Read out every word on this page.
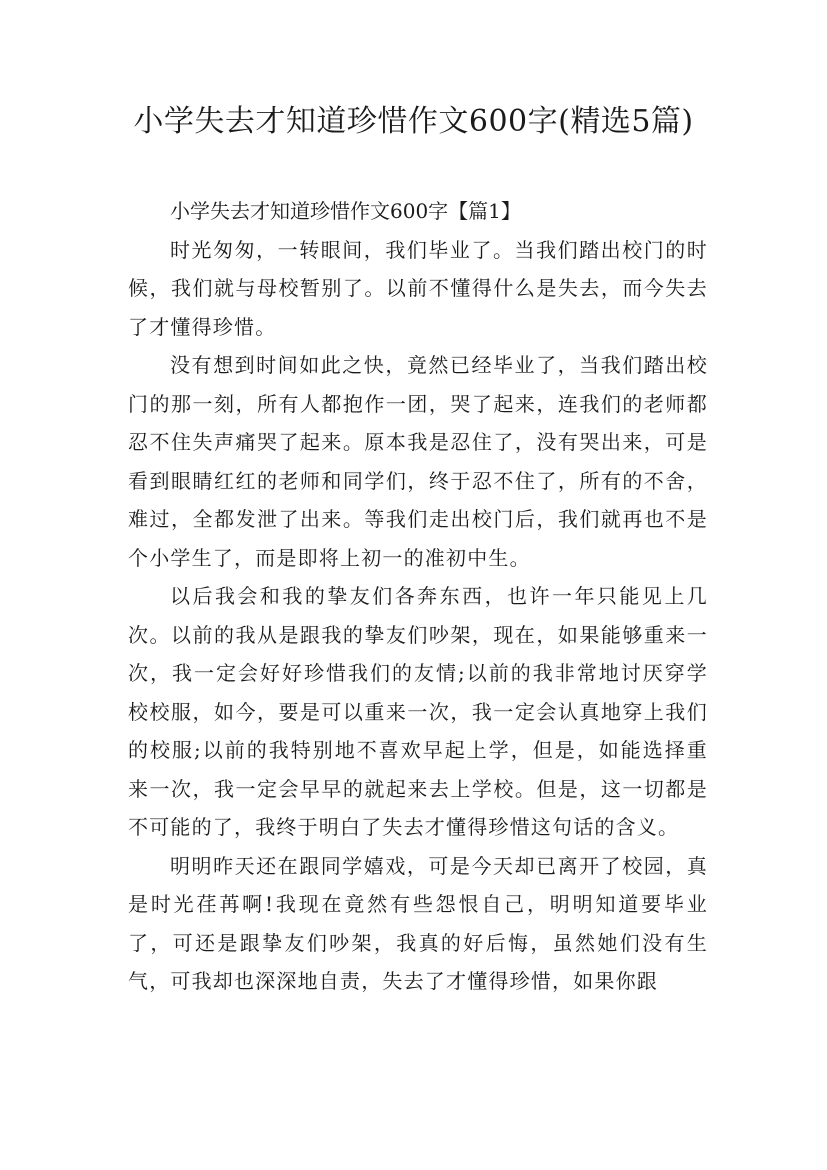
小学失去才知道珍惜作文600字(精选5篇)
小学失去才知道珍惜作文600字【篇1】

时光匆匆，一转眼间，我们毕业了。当我们踏出校门的时候，我们就与母校暂别了。以前不懂得什么是失去，而今失去了才懂得珍惜。

没有想到时间如此之快，竟然已经毕业了，当我们踏出校门的那一刻，所有人都抱作一团，哭了起来，连我们的老师都忍不住失声痛哭了起来。原本我是忍住了，没有哭出来，可是看到眼睛红红的老师和同学们，终于忍不住了，所有的不舍，难过，全都发泄了出来。等我们走出校门后，我们就再也不是个小学生了，而是即将上初一的准初中生。

以后我会和我的挚友们各奔东西，也许一年只能见上几次。以前的我从是跟我的挚友们吵架，现在，如果能够重来一次，我一定会好好珍惜我们的友情;以前的我非常地讨厌穿学校校服，如今，要是可以重来一次，我一定会认真地穿上我们的校服;以前的我特别地不喜欢早起上学，但是，如能选择重来一次，我一定会早早的就起来去上学校。但是，这一切都是不可能的了，我终于明白了失去才懂得珍惜这句话的含义。

明明昨天还在跟同学嬉戏，可是今天却已离开了校园，真是时光荏苒啊!我现在竟然有些怨恨自己，明明知道要毕业了，可还是跟挚友们吵架，我真的好后悔，虽然她们没有生气，可我却也深深地自责，失去了才懂得珍惜，如果你跟
